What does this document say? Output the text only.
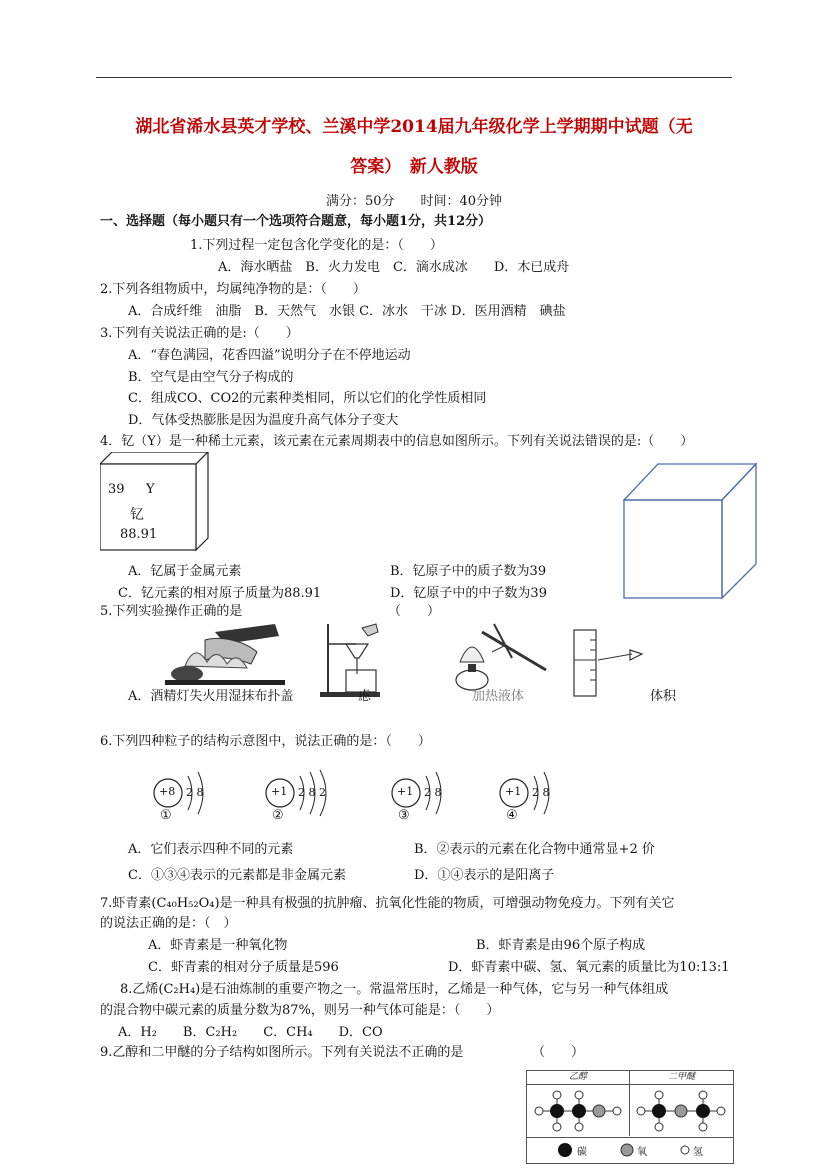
湖北省浠水县英才学校、兰溪中学2014届九年级化学上学期期中试题（无
答案）　新人教版
满分：50分　　时间：40分钟
一、选择题（每小题只有一个选项符合题意，每小题1分，共12分）
1.下列过程一定包含化学变化的是：（　　）
A．海水晒盐　B．火力发电　C．滴水成冰　　D．木已成舟
2.下列各组物质中，均属纯净物的是：（　　）
A．合成纤维　油脂　B．天然气　水银 C．冰水　干冰 D．医用酒精　碘盐
3.下列有关说法正确的是:（　　）
A．“春色满园，花香四溢”说明分子在不停地运动
B．空气是由空气分子构成的
C．组成CO、CO2的元素种类相同，所以它们的化学性质相同
D．气体受热膨胀是因为温度升高气体分子变大
4．钇（Y）是一种稀土元素，该元素在元素周期表中的信息如图所示。下列有关说法错误的是:（　　）
39 Y
钇
88.91
A．钇属于金属元素	B．钇原子中的质子数为39
C．钇元素的相对原子质量为88.91	D．钇原子中的中子数为39
5.下列实验操作正确的是	（　　）
A．酒精灯失火用湿抹布扑盖	虑	加热液体	体积
6.下列四种粒子的结构示意图中，说法正确的是：（　　）
+8 2 8
①
+1 2 8 2
②
+1 2 8
③
+1 2 8
④
A．它们表示四种不同的元素	B．②表示的元素在化合物中通常显+2 价
C．①③④表示的元素都是非金属元素	D．①④表示的是阳离子
7.虾青素(C₄₀H₅₂O₄)是一种具有极强的抗肿瘤、抗氧化性能的物质，可增强动物免疫力。下列有关它
的说法正确的是：（　）
A．虾青素是一种氧化物	B．虾青素是由96个原子构成
C．虾青素的相对分子质量是596	D．虾青素中碳、氢、氧元素的质量比为10:13:1
8.乙烯(C₂H₄)是石油炼制的重要产物之一。常温常压时，乙烯是一种气体，它与另一种气体组成
的混合物中碳元素的质量分数为87%，则另一种气体可能是：（　　）
A．H₂　　B．C₂H₂　　C．CH₄　　D．CO
9.乙醇和二甲醚的分子结构如图所示。下列有关说法不正确的是	（　　）
乙醇	二甲醚
碳	氧	氢
